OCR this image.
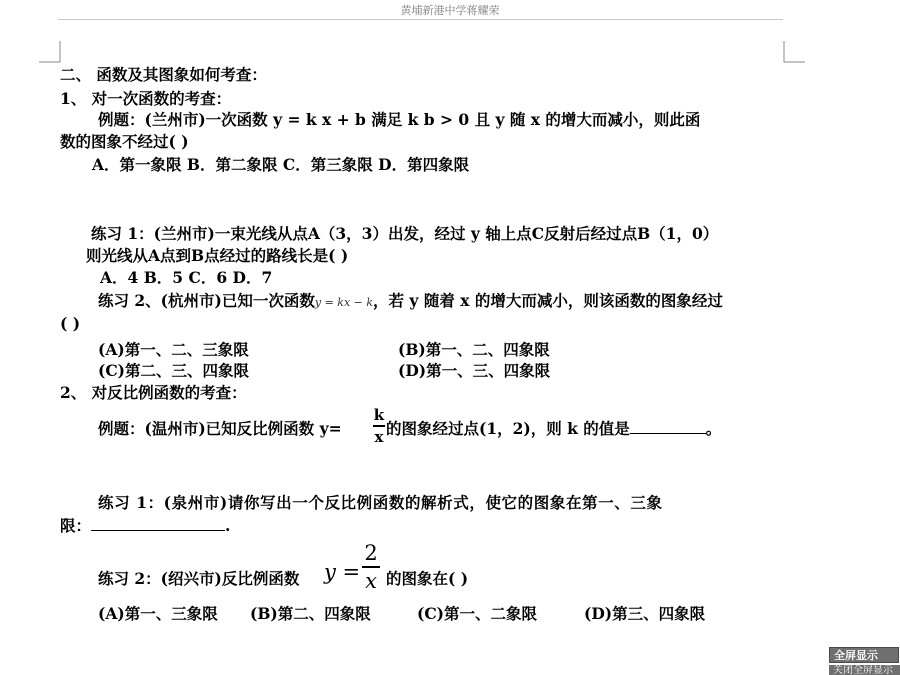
黄埔新港中学蒋耀荣
二、 函数及其图象如何考查：
1、 对一次函数的考查：
例题：(兰州市)一次函数 y = k x + b 满足 k b > 0 且 y 随 x 的增大而减小，则此函
数的图象不经过( )
A．第一象限 B．第二象限 C．第三象限 D．第四象限
练习 1：(兰州市)一束光线从点A（3，3）出发，经过 y 轴上点C反射后经过点B（1，0）
则光线从A点到B点经过的路线长是( )
A．4 B．5 C．6 D．7
练习 2、(杭州市)已知一次函数y = kx − k，若 y 随着 x 的增大而减小，则该函数的图象经过
( )
(A)第一、二、三象限	(B)第一、二、四象限
(C)第二、三、四象限	(D)第一、三、四象限
2、 对反比例函数的考查：
例题：(温州市)已知反比例函数 y=
k
x 的图象经过点(1，2)，则 k 的值是	。
练习 1：(泉州市)请你写出一个反比例函数的解析式，使它的图象在第一、三象
限：	.
练习 2：(绍兴市)反比例函数 y =
2
x 的图象在( )
(A)第一、三象限 (B)第二、四象限	(C)第一、二象限	(D)第三、四象限
全屏显示
关闭全屏显示
